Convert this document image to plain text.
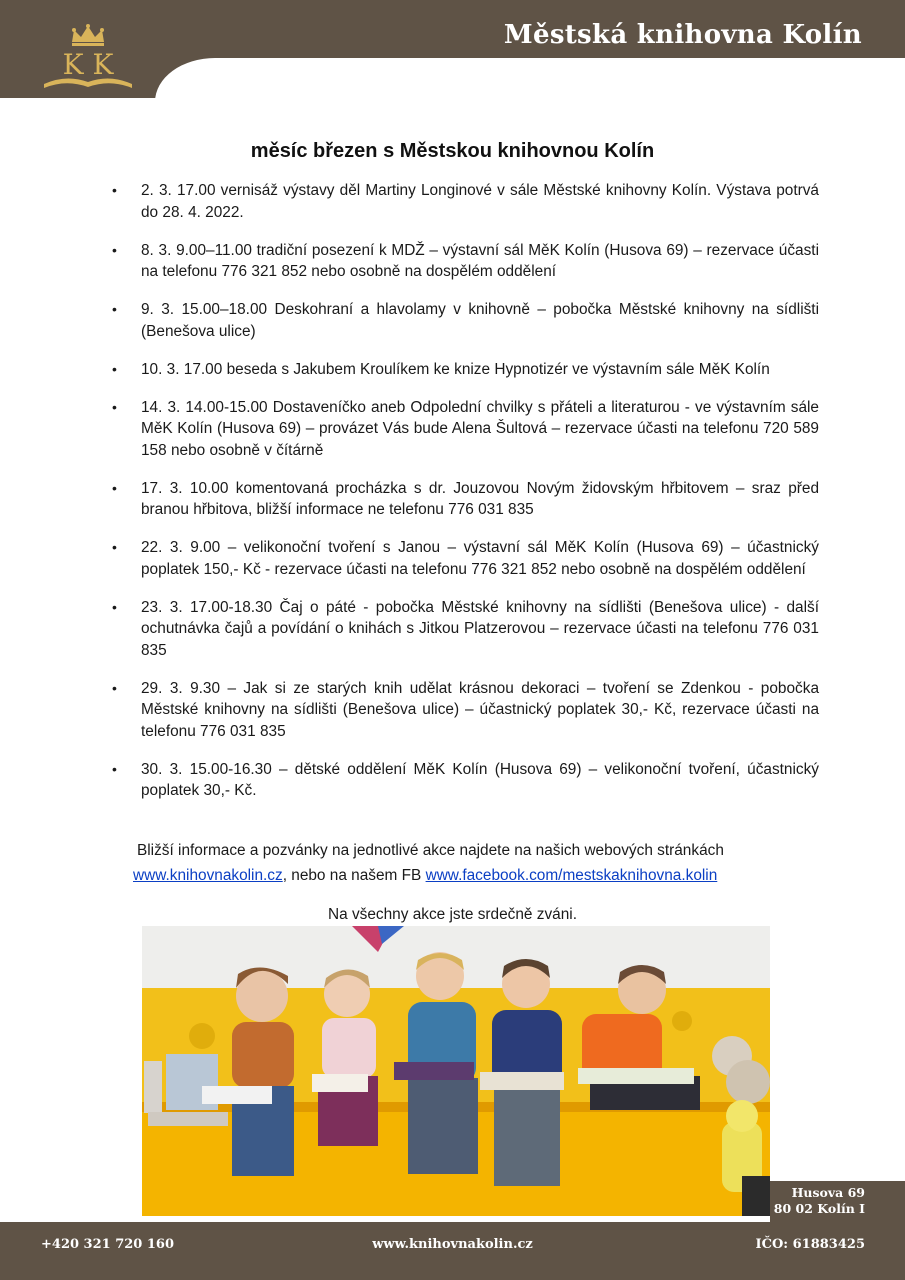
Městská knihovna Kolín
K K
měsíc březen s Městskou knihovnou Kolín
• 2. 3. 17.00 vernisáž výstavy děl Martiny Longinové v sále Městské knihovny Kolín. Výstava potrvá do 28. 4. 2022.
• 8. 3. 9.00–11.00 tradiční posezení k MDŽ – výstavní sál MěK Kolín (Husova 69) – rezervace účasti na telefonu 776 321 852 nebo osobně na dospělém oddělení
• 9. 3. 15.00–18.00 Deskohraní a hlavolamy v knihovně – pobočka Městské knihovny na sídlišti (Benešova ulice)
• 10. 3. 17.00 beseda s Jakubem Kroulíkem ke knize Hypnotizér ve výstavním sále MěK Kolín
• 14. 3. 14.00-15.00 Dostaveníčko aneb Odpolední chvilky s přáteli a literaturou - ve výstavním sále MěK Kolín (Husova 69) – provázet Vás bude Alena Šultová – rezervace účasti na telefonu 720 589 158 nebo osobně v čítárně
• 17. 3. 10.00 komentovaná procházka s dr. Jouzovou Novým židovským hřbitovem – sraz před branou hřbitova, bližší informace ne telefonu 776 031 835
• 22. 3. 9.00 – velikonoční tvoření s Janou – výstavní sál MěK Kolín (Husova 69) – účastnický poplatek 150,- Kč - rezervace účasti na telefonu 776 321 852 nebo osobně na dospělém oddělení
• 23. 3. 17.00-18.30 Čaj o páté - pobočka Městské knihovny na sídlišti (Benešova ulice) - další ochutnávka čajů a povídání o knihách s Jitkou Platzerovou – rezervace účasti na telefonu 776 031 835
• 29. 3. 9.30 – Jak si ze starých knih udělat krásnou dekoraci – tvoření se Zdenkou - pobočka Městské knihovny na sídlišti (Benešova ulice) – účastnický poplatek 30,- Kč, rezervace účasti na telefonu 776 031 835
• 30. 3. 15.00-16.30 – dětské oddělení MěK Kolín (Husova 69) – velikonoční tvoření, účastnický poplatek 30,- Kč.
Bližší informace a pozvánky na jednotlivé akce najdete na našich webových stránkách
www.knihovnakolin.cz, nebo na našem FB www.facebook.com/mestskaknihovna.kolin
Na všechny akce jste srdečně zváni.
Husova 69
80 02 Kolín I
+420 321 720 160	www.knihovnakolin.cz	IČO: 61883425
